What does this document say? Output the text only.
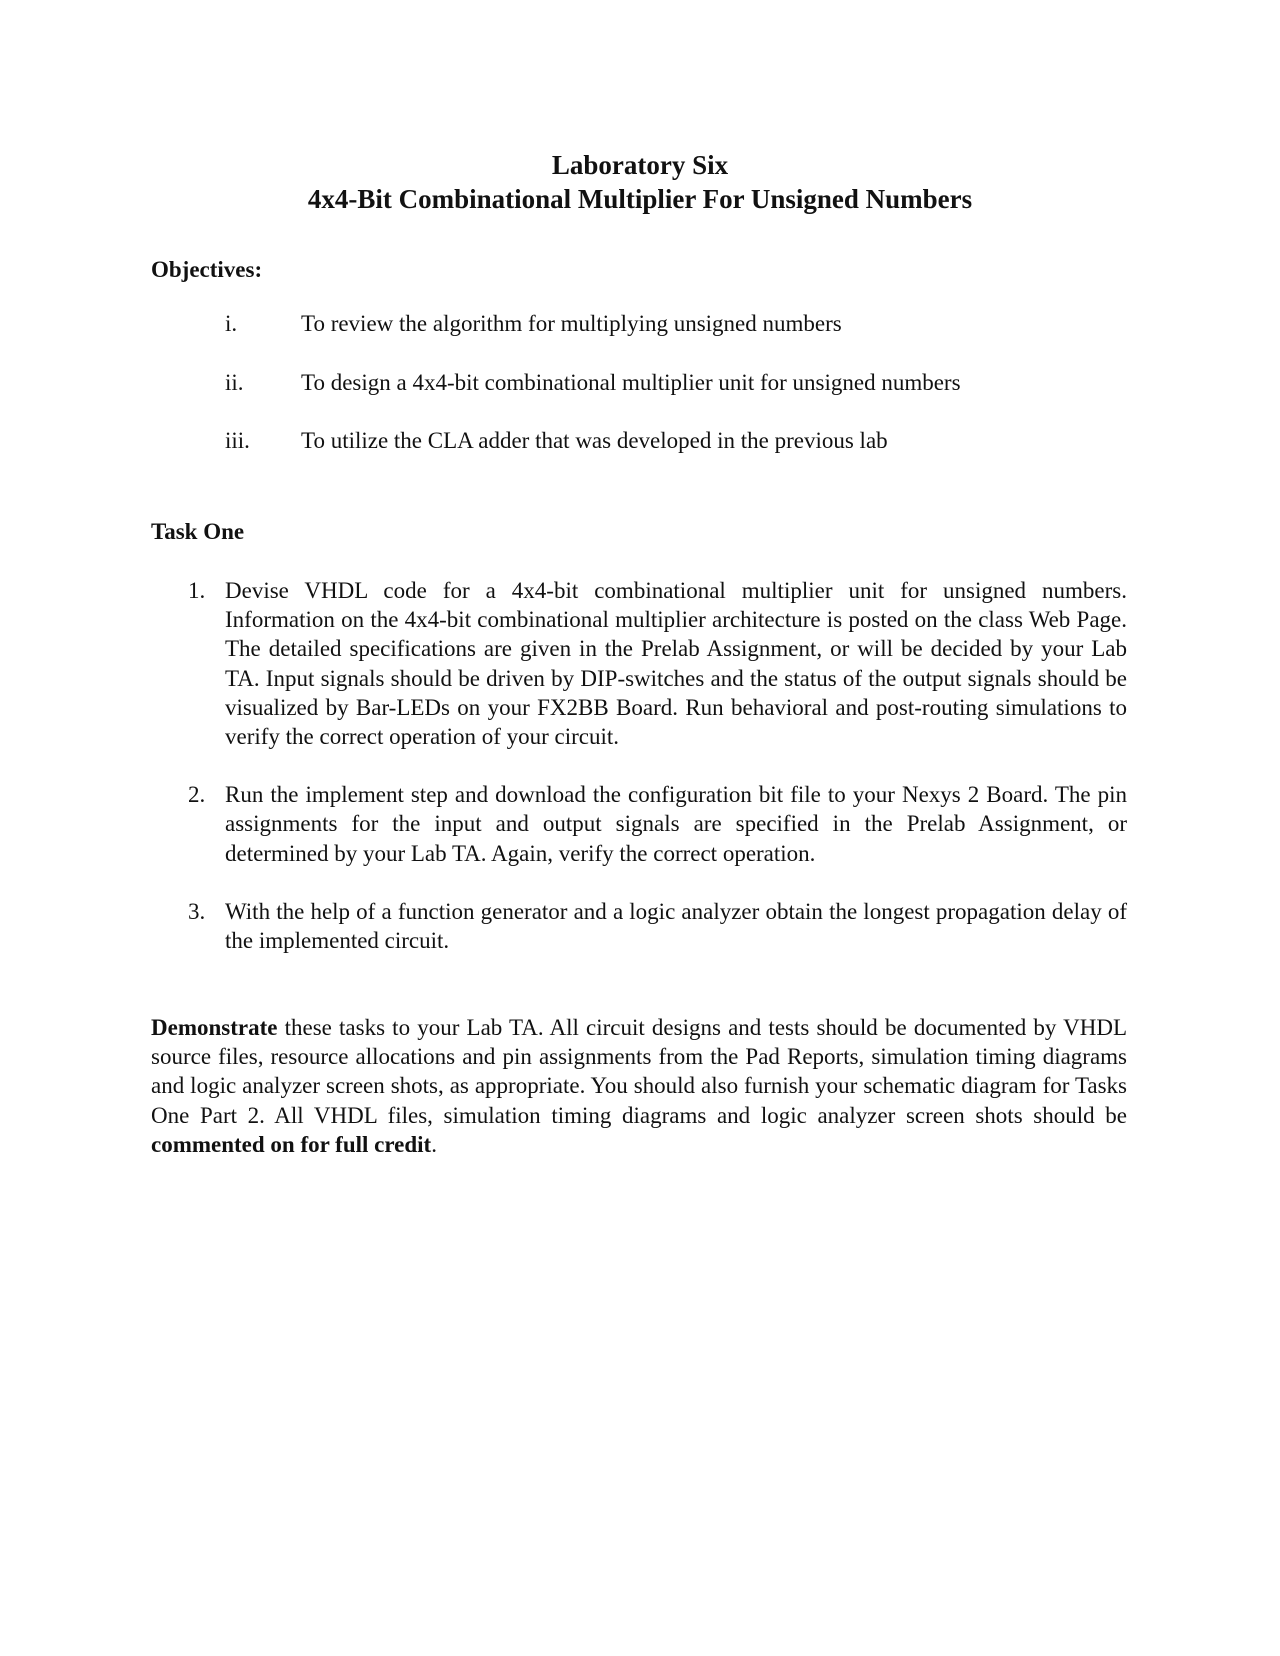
Laboratory Six
4x4-Bit Combinational Multiplier For Unsigned Numbers
Objectives:
i.	To review the algorithm for multiplying unsigned numbers
ii. To design a 4x4-bit combinational multiplier unit for unsigned numbers
iii. To utilize the CLA adder that was developed in the previous lab
Task One
1. Devise VHDL code for a 4x4-bit combinational multiplier unit for unsigned numbers. Information on the 4x4-bit combinational multiplier architecture is posted on the class Web Page. The detailed specifications are given in the Prelab Assignment, or will be decided by your Lab TA. Input signals should be driven by DIP-switches and the status of the output signals should be visualized by Bar-LEDs on your FX2BB Board. Run behavioral and post-routing simulations to verify the correct operation of your circuit.
2. Run the implement step and download the configuration bit file to your Nexys 2 Board. The pin assignments for the input and output signals are specified in the Prelab Assignment, or determined by your Lab TA. Again, verify the correct operation.
3. With the help of a function generator and a logic analyzer obtain the longest propagation delay of the implemented circuit.
Demonstrate these tasks to your Lab TA. All circuit designs and tests should be documented by VHDL source files, resource allocations and pin assignments from the Pad Reports, simulation timing diagrams and logic analyzer screen shots, as appropriate. You should also furnish your schematic diagram for Tasks One Part 2. All VHDL files, simulation timing diagrams and logic analyzer screen shots should be commented on for full credit.
